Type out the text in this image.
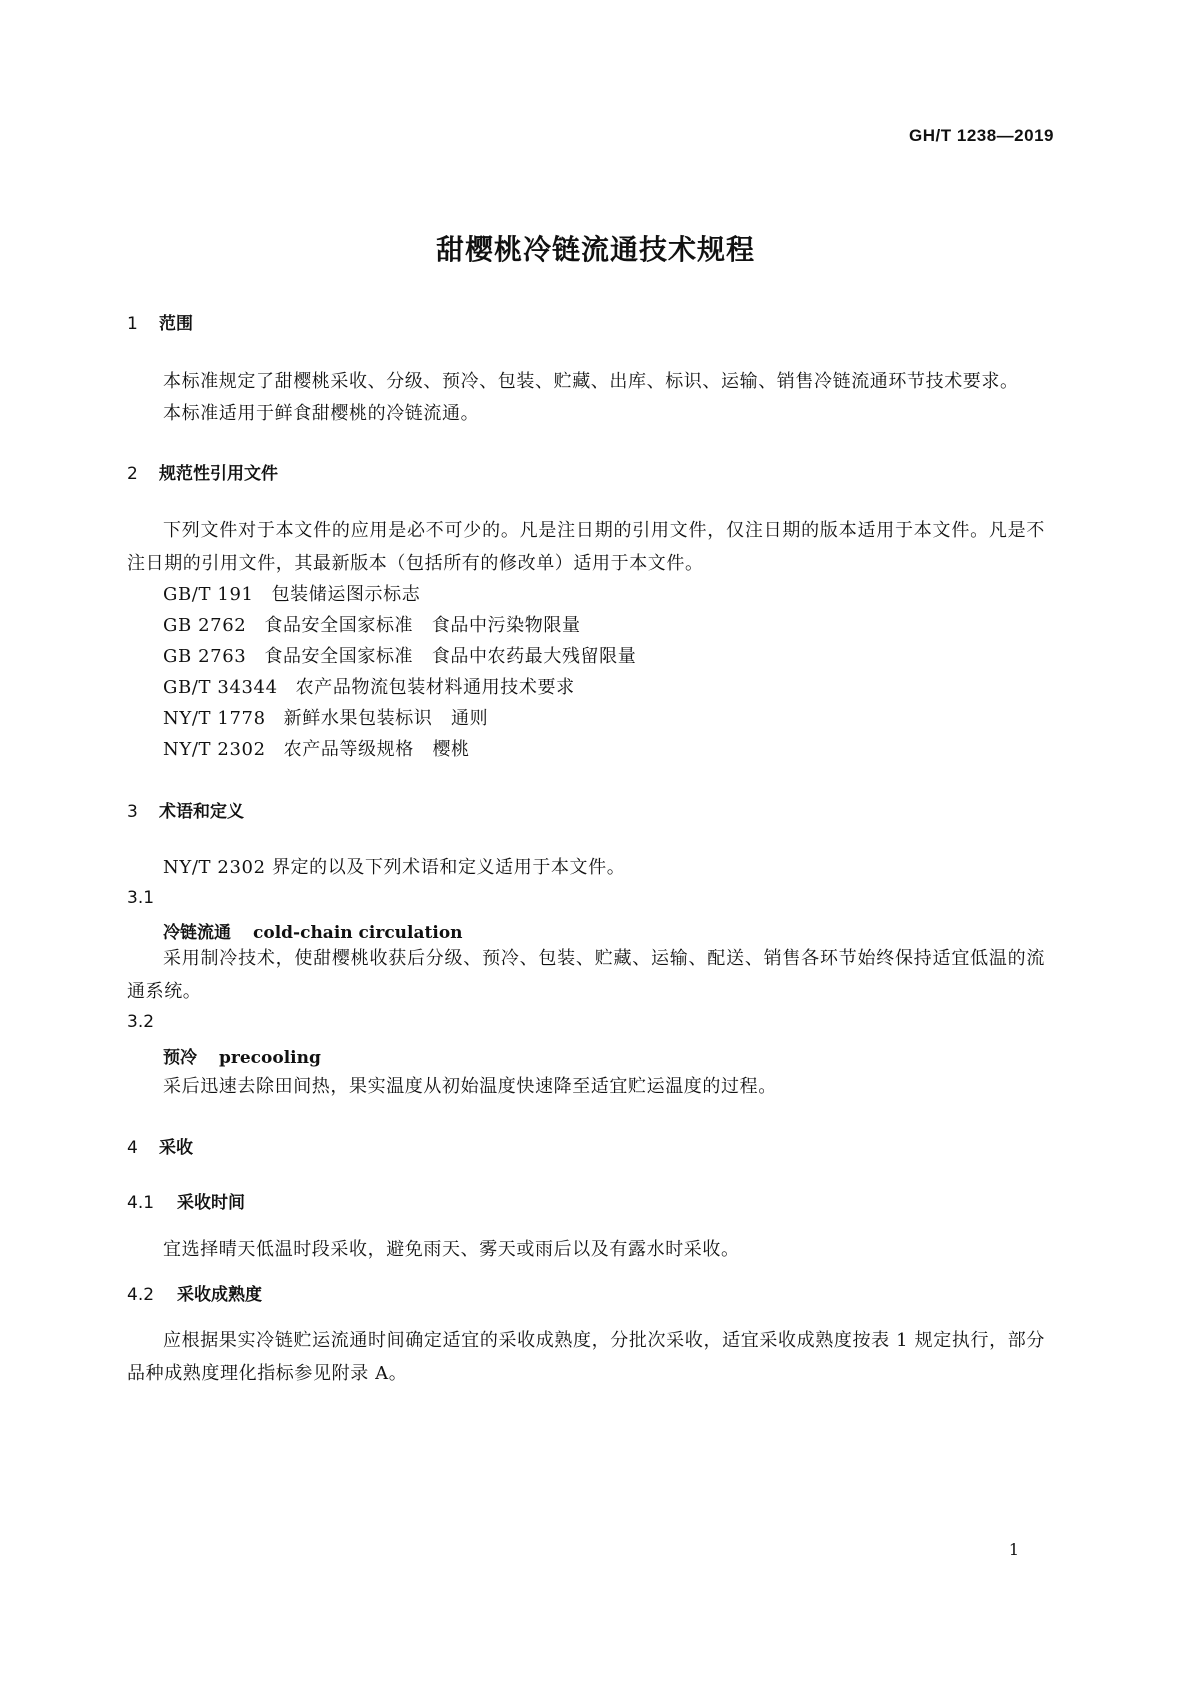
GH/T 1238—2019
甜樱桃冷链流通技术规程
1 范围
本标准规定了甜樱桃采收、分级、预冷、包装、贮藏、出库、标识、运输、销售冷链流通环节技术要求。
本标准适用于鲜食甜樱桃的冷链流通。
2 规范性引用文件
下列文件对于本文件的应用是必不可少的。凡是注日期的引用文件，仅注日期的版本适用于本文件。凡是不注日期的引用文件，其最新版本（包括所有的修改单）适用于本文件。
GB/T 191 包装储运图示标志
GB 2762 食品安全国家标准　食品中污染物限量
GB 2763 食品安全国家标准　食品中农药最大残留限量
GB/T 34344 农产品物流包装材料通用技术要求
NY/T 1778 新鲜水果包装标识　通则
NY/T 2302 农产品等级规格　樱桃
3 术语和定义
NY/T 2302 界定的以及下列术语和定义适用于本文件。
3.1
冷链流通 cold-chain circulation
采用制冷技术，使甜樱桃收获后分级、预冷、包装、贮藏、运输、配送、销售各环节始终保持适宜低温的流通系统。
3.2
预冷 precooling
采后迅速去除田间热，果实温度从初始温度快速降至适宜贮运温度的过程。
4 采收
4.1 采收时间
宜选择晴天低温时段采收，避免雨天、雾天或雨后以及有露水时采收。
4.2 采收成熟度
应根据果实冷链贮运流通时间确定适宜的采收成熟度，分批次采收，适宜采收成熟度按表 1 规定执行，部分品种成熟度理化指标参见附录 A。
1
